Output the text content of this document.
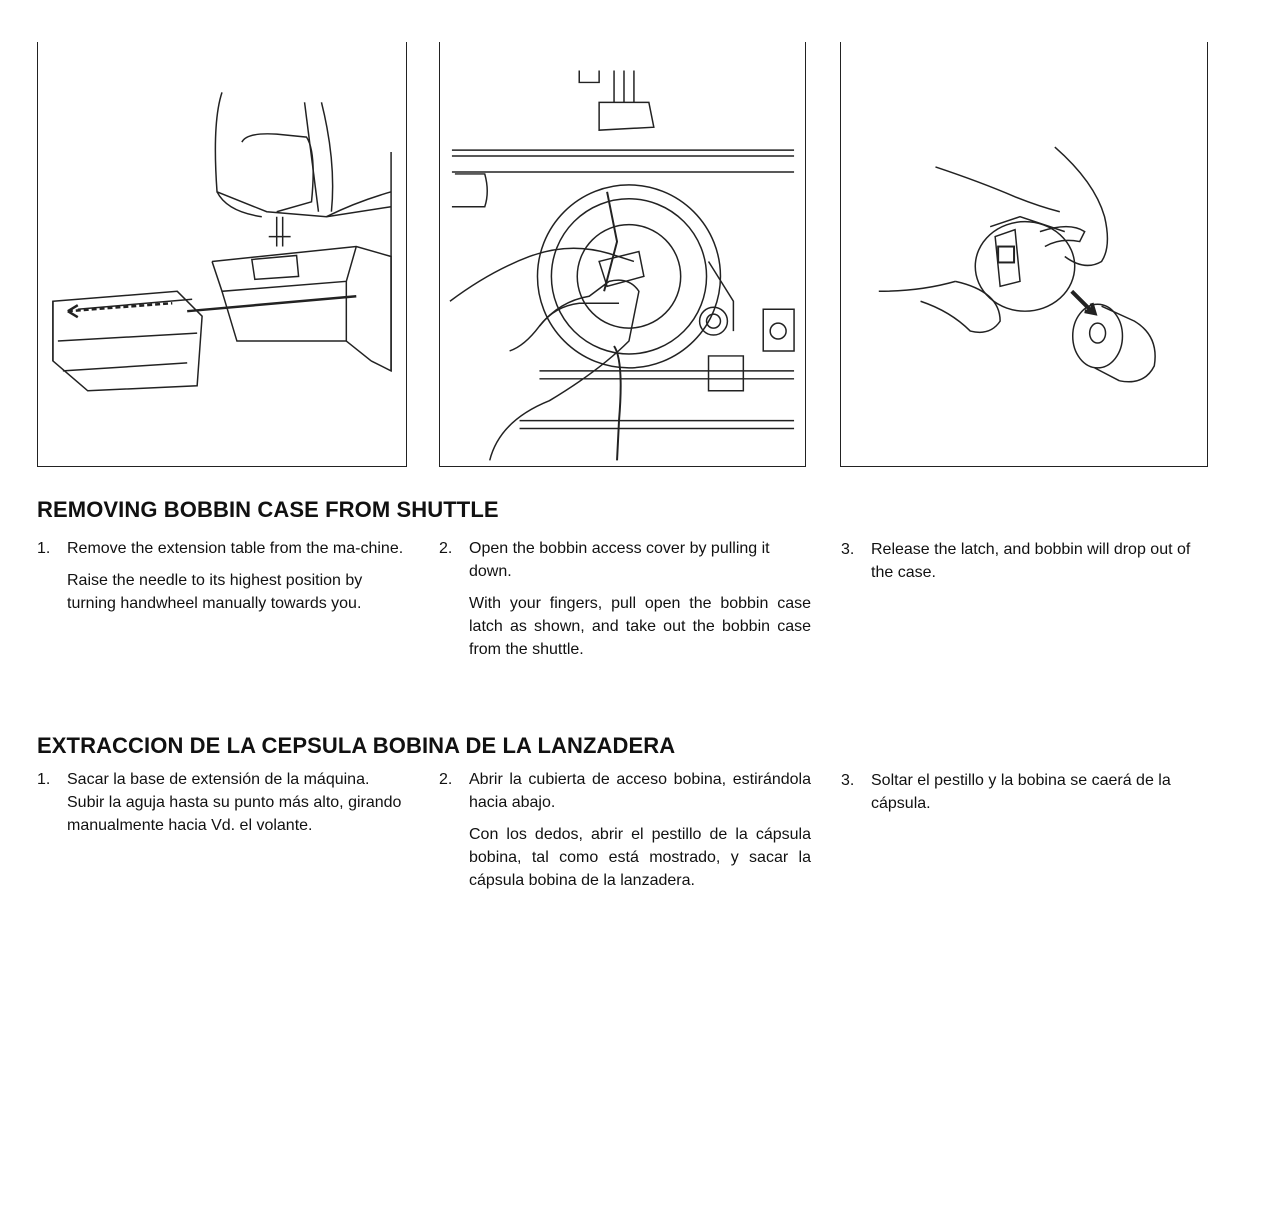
REMOVING BOBBIN CASE FROM SHUTTLE
1. Remove the extension table from the ma-chine.

Raise the needle to its highest position by turning handwheel manually towards you.

2. Open the bobbin access cover by pulling it down.

With your fingers, pull open the bobbin case latch as shown, and take out the bobbin case from the shuttle.

3. Release the latch, and bobbin will drop out of the case.

EXTRACCION DE LA CEPSULA BOBINA DE LA LANZADERA
1. Sacar la base de extensión de la máquina. Subir la aguja hasta su punto más alto, girando manualmente hacia Vd. el volante.

2. Abrir la cubierta de acceso bobina, estirándola hacia abajo.

Con los dedos, abrir el pestillo de la cápsula bobina, tal como está mostrado, y sacar la cápsula bobina de la lanzadera.

3. Soltar el pestillo y la bobina se caerá de la cápsula.
